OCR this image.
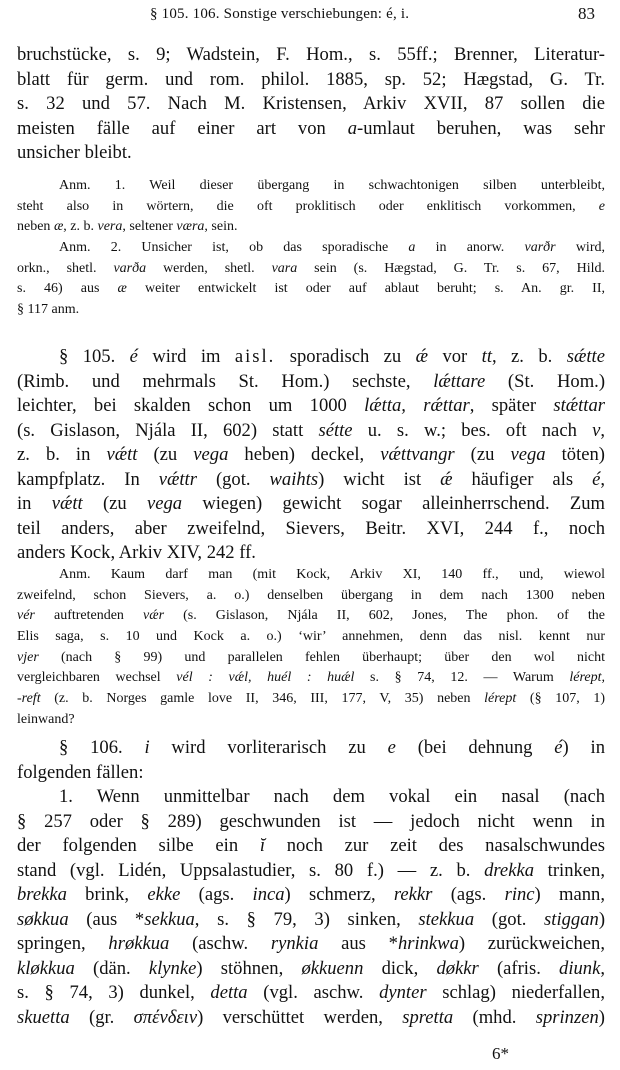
§ 105. 106. Sonstige verschiebungen: é, i.	83
bruchstücke, s. 9; Wadstein, F. Hom., s. 55ff.; Brenner, Literatur-
blatt für germ. und rom. philol. 1885, sp. 52; Hægstad, G. Tr.
s. 32 und 57. Nach M. Kristensen, Arkiv XVII, 87 sollen die
meisten fälle auf einer art von a-umlaut beruhen, was sehr
unsicher bleibt.
Anm. 1. Weil dieser übergang in schwachtonigen silben unterbleibt,
steht also in wörtern, die oft proklitisch oder enklitisch vorkommen, e
neben æ, z. b. vera, seltener væra, sein.
Anm. 2. Unsicher ist, ob das sporadische a in anorw. varðr wird,
orkn., shetl. varða werden, shetl. vara sein (s. Hægstad, G. Tr. s. 67, Hild.
s. 46) aus æ weiter entwickelt ist oder auf ablaut beruht; s. An. gr. II,
§ 117 anm.
§ 105. é wird im aisl. sporadisch zu ǽ vor tt, z. b. sǽtte
(Rimb. und mehrmals St. Hom.) sechste, lǽttare (St. Hom.)
leichter, bei skalden schon um 1000 lǽtta, rǽttar, später stǽttar
(s. Gislason, Njála II, 602) statt sétte u. s. w.; bes. oft nach v,
z. b. in vǽtt (zu vega heben) deckel, vǽttvangr (zu vega töten)
kampfplatz. In vǽttr (got. waihts) wicht ist ǽ häufiger als é,
in vǽtt (zu vega wiegen) gewicht sogar alleinherrschend. Zum
teil anders, aber zweifelnd, Sievers, Beitr. XVI, 244 f., noch
anders Kock, Arkiv XIV, 242 ff.
Anm. Kaum darf man (mit Kock, Arkiv XI, 140 ff., und, wiewol
zweifelnd, schon Sievers, a. o.) denselben übergang in dem nach 1300 neben
vér auftretenden vǽr (s. Gislason, Njála II, 602, Jones, The phon. of the
Elis saga, s. 10 und Kock a. o.) ‘wir’ annehmen, denn das nisl. kennt nur
vjer (nach § 99) und parallelen fehlen überhaupt; über den wol nicht
vergleichbaren wechsel vél : vǽl, huél : huǽl s. § 74, 12. — Warum lérept,
-reft (z. b. Norges gamle love II, 346, III, 177, V, 35) neben lérept (§ 107, 1)
leinwand?
§ 106. i wird vorliterarisch zu e (bei dehnung é) in
folgenden fällen:
1. Wenn unmittelbar nach dem vokal ein nasal (nach
§ 257 oder § 289) geschwunden ist — jedoch nicht wenn in
der folgenden silbe ein ĭ noch zur zeit des nasalschwundes
stand (vgl. Lidén, Uppsalastudier, s. 80 f.) — z. b. drekka trinken,
brekka brink, ekke (ags. inca) schmerz, rekkr (ags. rinc) mann,
søkkua (aus *sekkua, s. § 79, 3) sinken, stekkua (got. stiggan)
springen, hrøkkua (aschw. rynkia aus *hrinkwa) zurückweichen,
kløkkua (dän. klynke) stöhnen, økkuenn dick, døkkr (afris. diunk,
s. § 74, 3) dunkel, detta (vgl. aschw. dynter schlag) niederfallen,
skuetta (gr. σπένδειν) verschüttet werden, spretta (mhd. sprinzen)
6*
